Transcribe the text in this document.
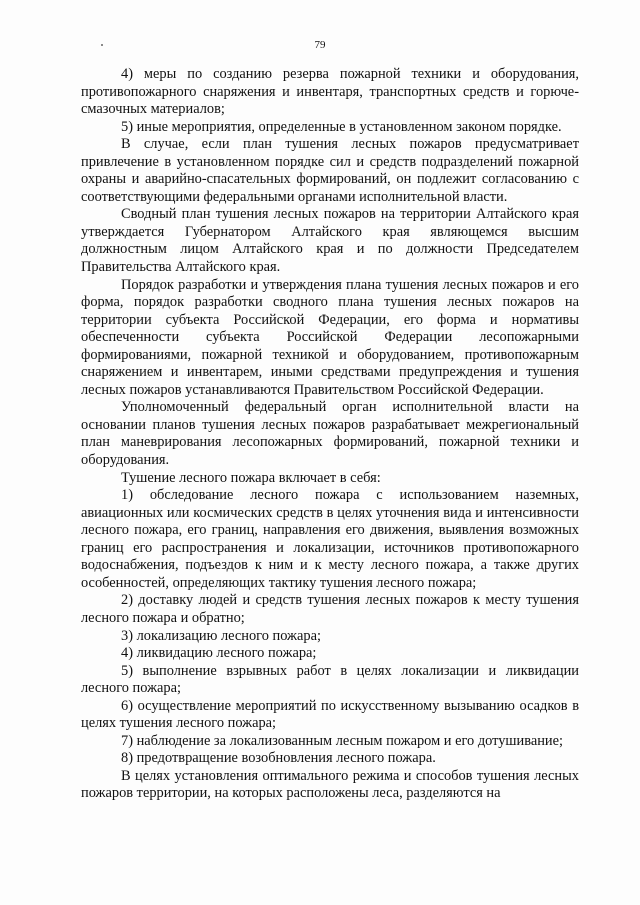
79

4) меры по созданию резерва пожарной техники и оборудования, противопожарного снаряжения и инвентаря, транспортных средств и горюче-смазочных материалов;

5) иные мероприятия, определенные в установленном законом порядке.

В случае, если план тушения лесных пожаров предусматривает привлечение в установленном порядке сил и средств подразделений пожарной охраны и аварийно-спасательных формирований, он подлежит согласованию с соответствующими федеральными органами исполнительной власти.

Сводный план тушения лесных пожаров на территории Алтайского края утверждается Губернатором Алтайского края являющемся высшим должностным лицом Алтайского края и по должности Председателем Правительства Алтайского края.

Порядок разработки и утверждения плана тушения лесных пожаров и его форма, порядок разработки сводного плана тушения лесных пожаров на территории субъекта Российской Федерации, его форма и нормативы обеспеченности субъекта Российской Федерации лесопожарными формированиями, пожарной техникой и оборудованием, противопожарным снаряжением и инвентарем, иными средствами предупреждения и тушения лесных пожаров устанавливаются Правительством Российской Федерации.

Уполномоченный федеральный орган исполнительной власти на основании планов тушения лесных пожаров разрабатывает межрегиональный план маневрирования лесопожарных формирований, пожарной техники и оборудования.

Тушение лесного пожара включает в себя:

1) обследование лесного пожара с использованием наземных, авиационных или космических средств в целях уточнения вида и интенсивности лесного пожара, его границ, направления его движения, выявления возможных границ его распространения и локализации, источников противопожарного водоснабжения, подъездов к ним и к месту лесного пожара, а также других особенностей, определяющих тактику тушения лесного пожара;

2) доставку людей и средств тушения лесных пожаров к месту тушения лесного пожара и обратно;

3) локализацию лесного пожара;

4) ликвидацию лесного пожара;

5) выполнение взрывных работ в целях локализации и ликвидации лесного пожара;

6) осуществление мероприятий по искусственному вызыванию осадков в целях тушения лесного пожара;

7) наблюдение за локализованным лесным пожаром и его дотушивание;

8) предотвращение возобновления лесного пожара.

В целях установления оптимального режима и способов тушения лесных пожаров территории, на которых расположены леса, разделяются на
